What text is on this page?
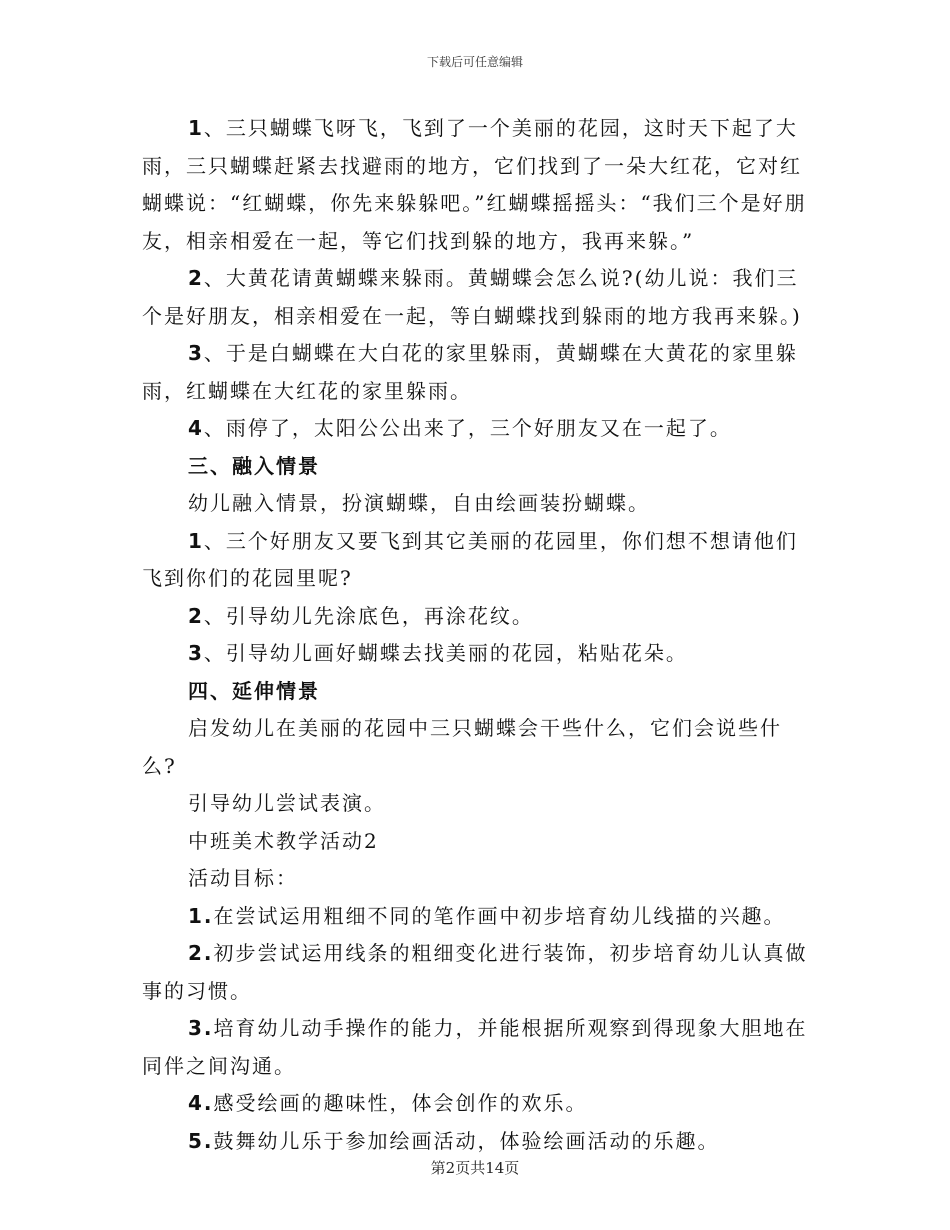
下载后可任意编辑

1、三只蝴蝶飞呀飞，飞到了一个美丽的花园，这时天下起了大雨，三只蝴蝶赶紧去找避雨的地方，它们找到了一朵大红花，它对红蝴蝶说：“红蝴蝶，你先来躲躲吧。”红蝴蝶摇摇头：“我们三个是好朋友，相亲相爱在一起，等它们找到躲的地方，我再来躲。”

2、大黄花请黄蝴蝶来躲雨。黄蝴蝶会怎么说?(幼儿说：我们三个是好朋友，相亲相爱在一起，等白蝴蝶找到躲雨的地方我再来躲。)

3、于是白蝴蝶在大白花的家里躲雨，黄蝴蝶在大黄花的家里躲雨，红蝴蝶在大红花的家里躲雨。

4、雨停了，太阳公公出来了，三个好朋友又在一起了。

三、融入情景

幼儿融入情景，扮演蝴蝶，自由绘画装扮蝴蝶。

1、三个好朋友又要飞到其它美丽的花园里，你们想不想请他们飞到你们的花园里呢?

2、引导幼儿先涂底色，再涂花纹。

3、引导幼儿画好蝴蝶去找美丽的花园，粘贴花朵。

四、延伸情景

启发幼儿在美丽的花园中三只蝴蝶会干些什么，它们会说些什么?

引导幼儿尝试表演。

中班美术教学活动2

活动目标：

1.在尝试运用粗细不同的笔作画中初步培育幼儿线描的兴趣。

2.初步尝试运用线条的粗细变化进行装饰，初步培育幼儿认真做事的习惯。

3.培育幼儿动手操作的能力，并能根据所观察到得现象大胆地在同伴之间沟通。

4.感受绘画的趣味性，体会创作的欢乐。

5.鼓舞幼儿乐于参加绘画活动，体验绘画活动的乐趣。

第2页共14页
